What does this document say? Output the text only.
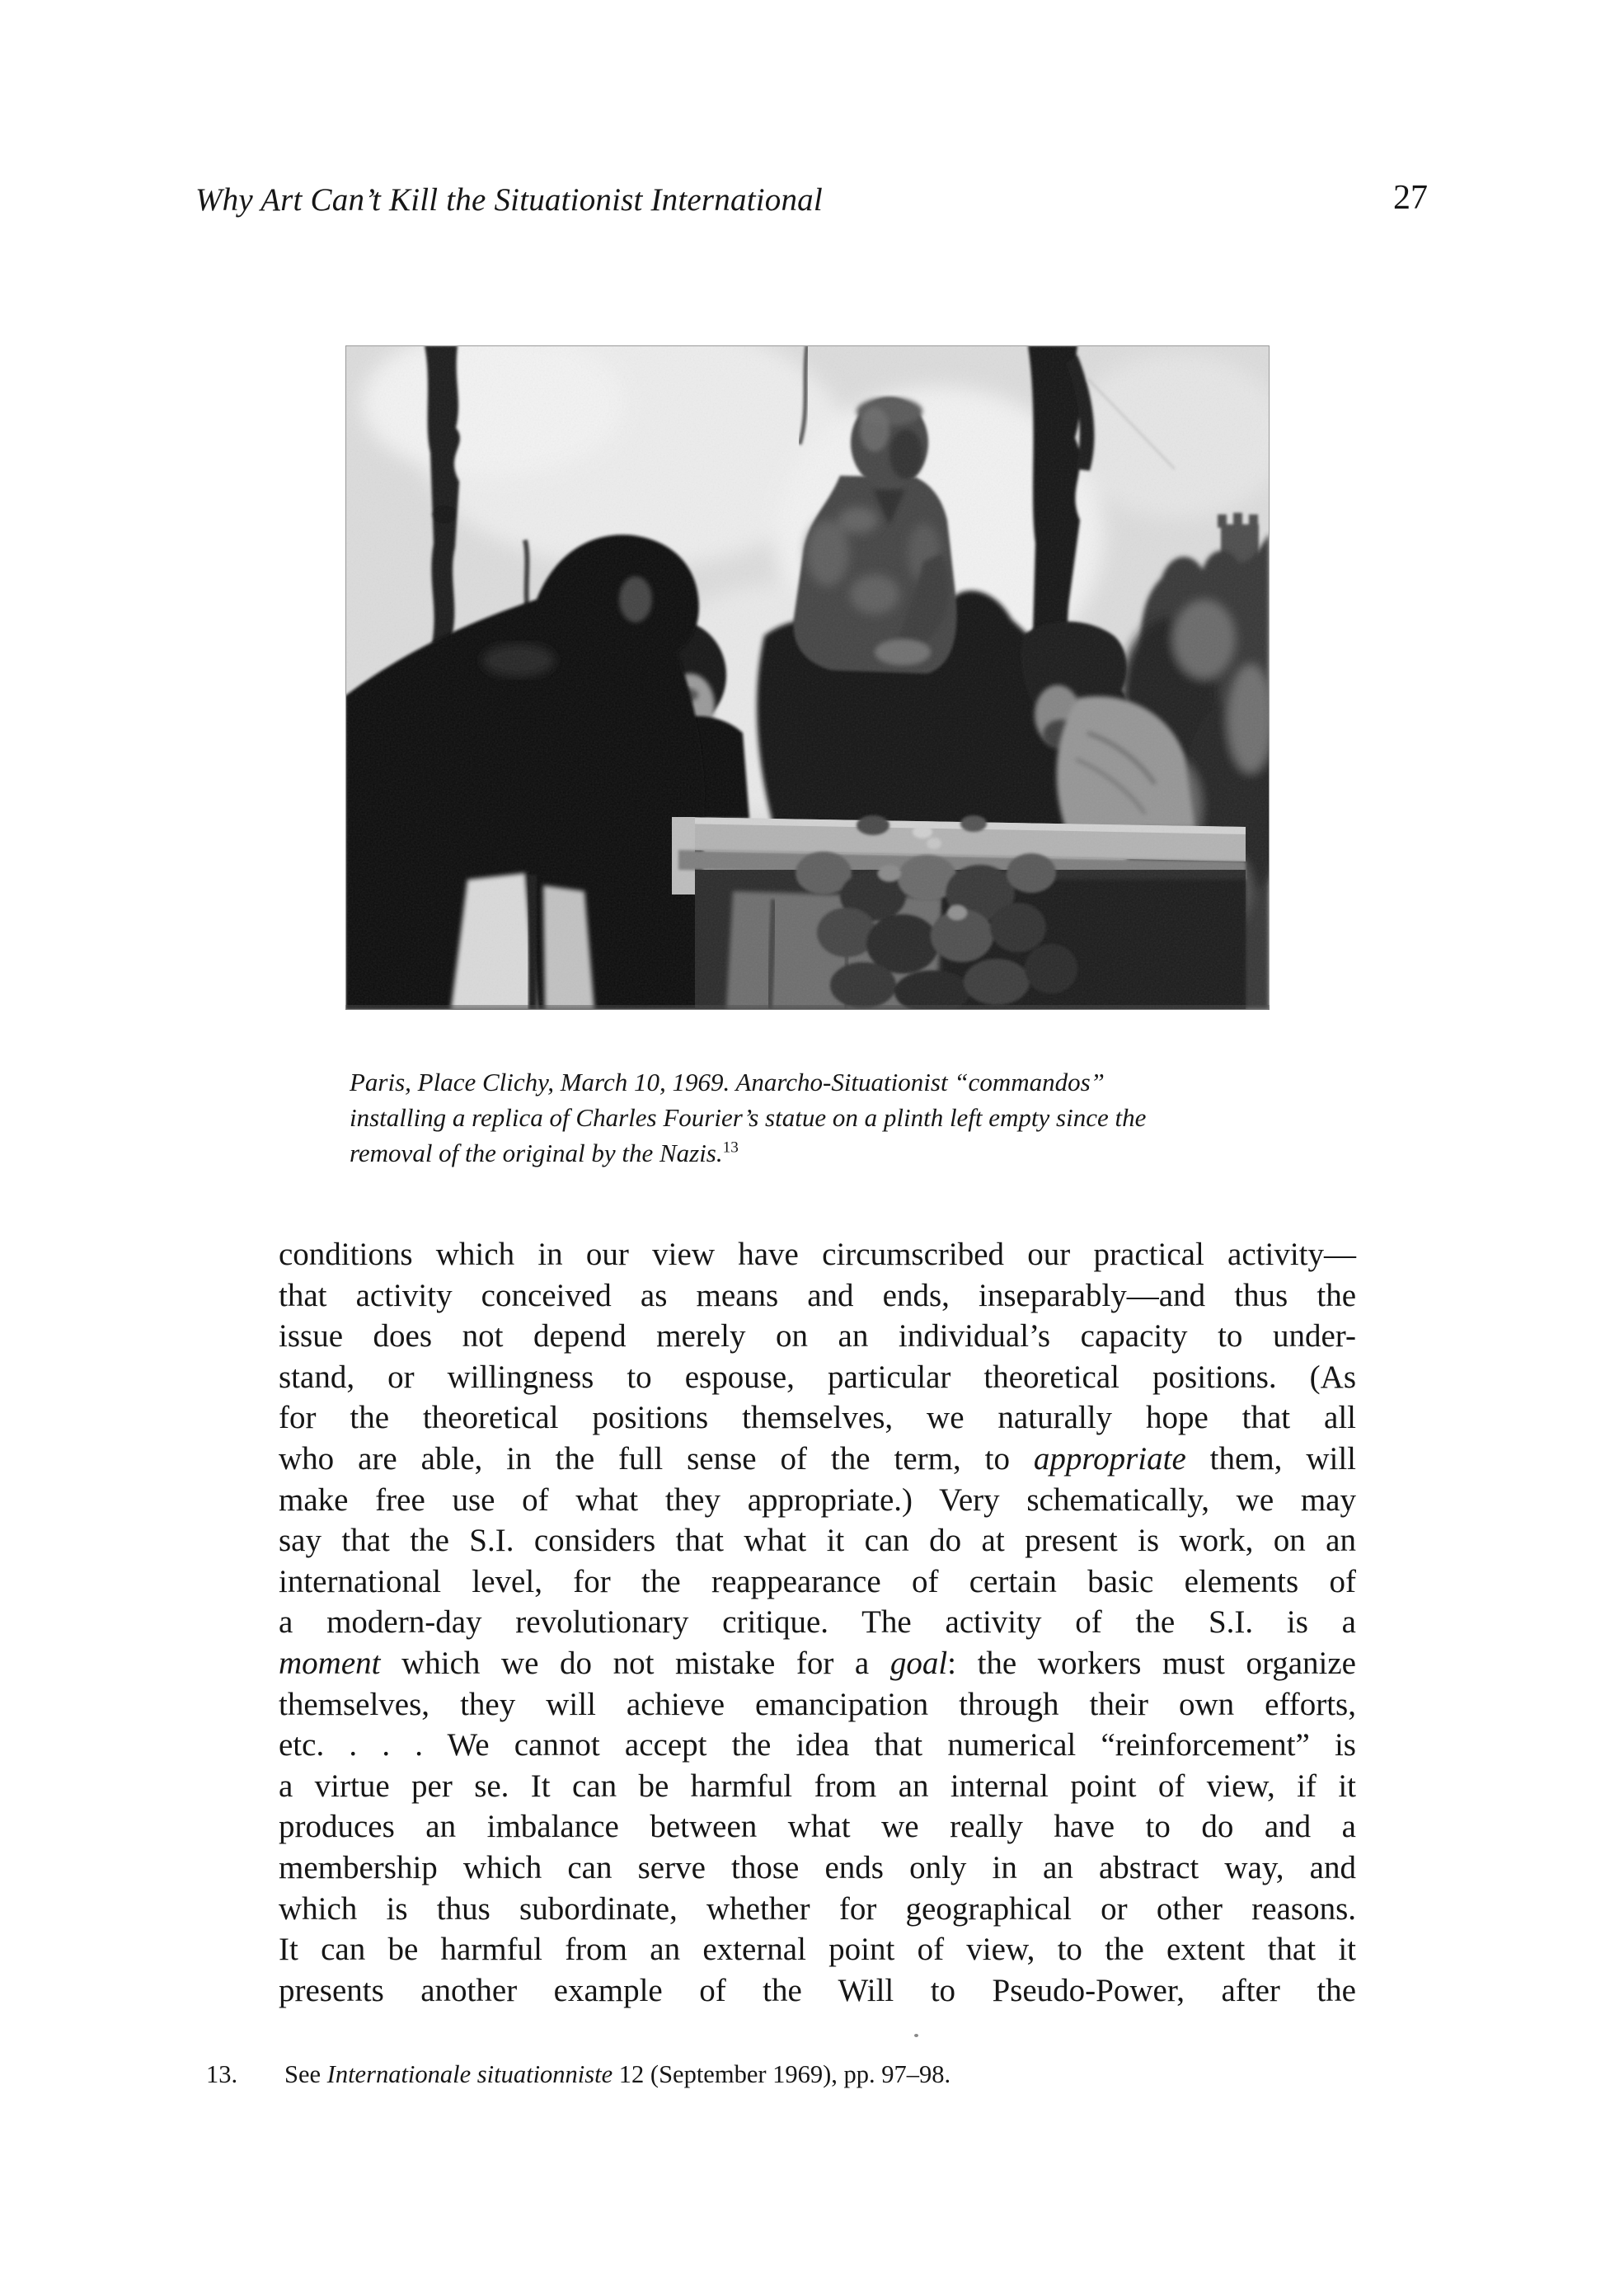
Why Art Can’t Kill the Situationist International	27
Paris, Place Clichy, March 10, 1969. Anarcho-Situationist “commandos”
installing a replica of Charles Fourier’s statue on a plinth left empty since the
removal of the original by the Nazis.$^{13}$
conditions which in our view have circumscribed our practical activity—
that activity conceived as means and ends, inseparably—and thus the
issue does not depend merely on an individual’s capacity to under-
stand, or willingness to espouse, particular theoretical positions. (As
for the theoretical positions themselves, we naturally hope that all
who are able, in the full sense of the term, to appropriate them, will
make free use of what they appropriate.) Very schematically, we may
say that the S.I. considers that what it can do at present is work, on an
international level, for the reappearance of certain basic elements of
a modern-day revolutionary critique. The activity of the S.I. is a
moment which we do not mistake for a goal: the workers must organize
themselves, they will achieve emancipation through their own efforts,
etc. . . . We cannot accept the idea that numerical “reinforcement” is
a virtue per se. It can be harmful from an internal point of view, if it
produces an imbalance between what we really have to do and a
membership which can serve those ends only in an abstract way, and
which is thus subordinate, whether for geographical or other reasons.
It can be harmful from an external point of view, to the extent that it
presents another example of the Will to Pseudo-Power, after the
13. See Internationale situationniste 12 (September 1969), pp. 97–98.
